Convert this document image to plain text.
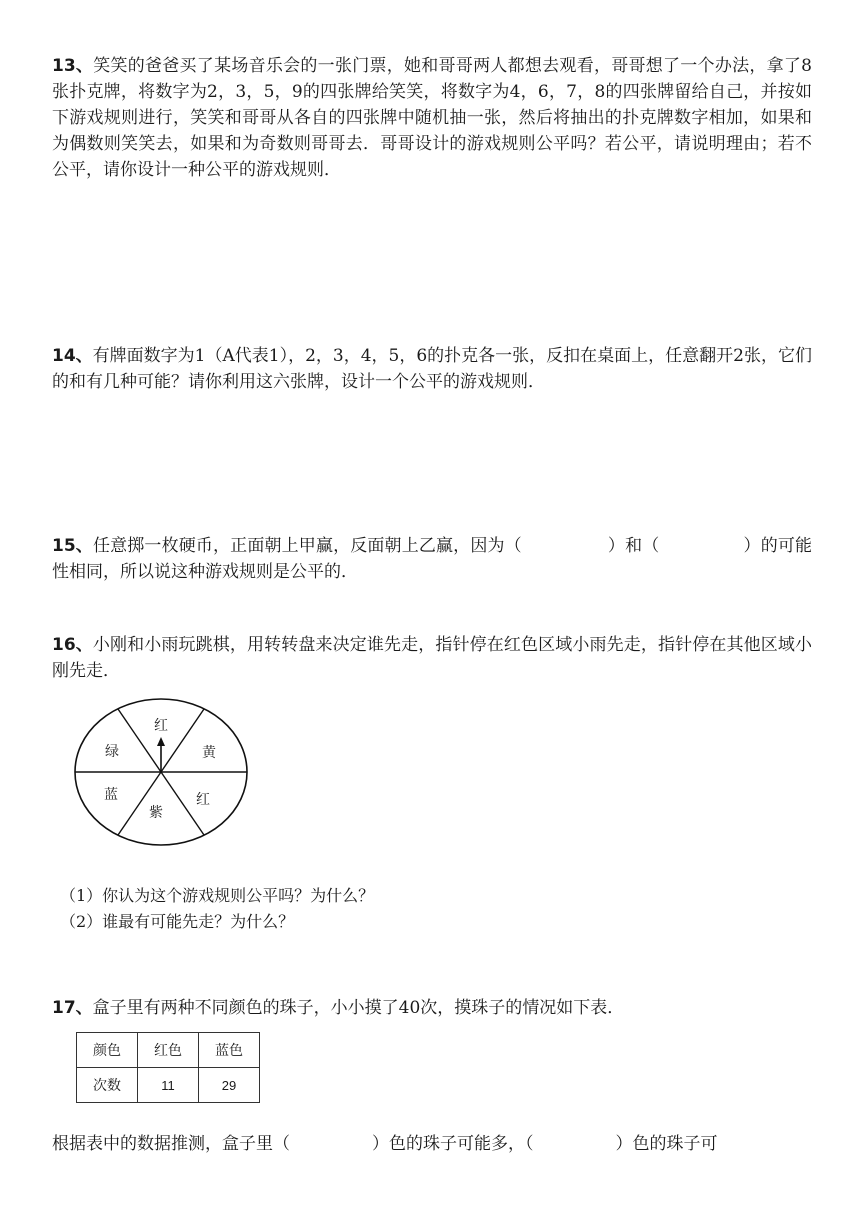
13、笑笑的爸爸买了某场音乐会的一张门票，她和哥哥两人都想去观看，哥哥想了一个办法，拿了8张扑克牌，将数字为2，3，5，9的四张牌给笑笑，将数字为4，6，7，8的四张牌留给自己，并按如下游戏规则进行，笑笑和哥哥从各自的四张牌中随机抽一张，然后将抽出的扑克牌数字相加，如果和为偶数则笑笑去，如果和为奇数则哥哥去．哥哥设计的游戏规则公平吗？若公平，请说明理由；若不公平，请你设计一种公平的游戏规则．

14、有牌面数字为1（A代表1），2，3，4，5，6的扑克各一张，反扣在桌面上，任意翻开2张，它们的和有几种可能？请你利用这六张牌，设计一个公平的游戏规则．

15、任意掷一枚硬币，正面朝上甲赢，反面朝上乙赢，因为（	）和（	）的可能性相同，所以说这种游戏规则是公平的．

16、小刚和小雨玩跳棋，用转转盘来决定谁先走，指针停在红色区域小雨先走，指针停在其他区域小刚先走．

红
黄
红
紫
蓝
绿
（1）你认为这个游戏规则公平吗？为什么？
（2）谁最有可能先走？为什么？

17、盒子里有两种不同颜色的珠子，小小摸了40次，摸珠子的情况如下表．

颜色	红色	蓝色
次数	11	29
根据表中的数据推测，盒子里（	）色的珠子可能多，（	）色的珠子可
